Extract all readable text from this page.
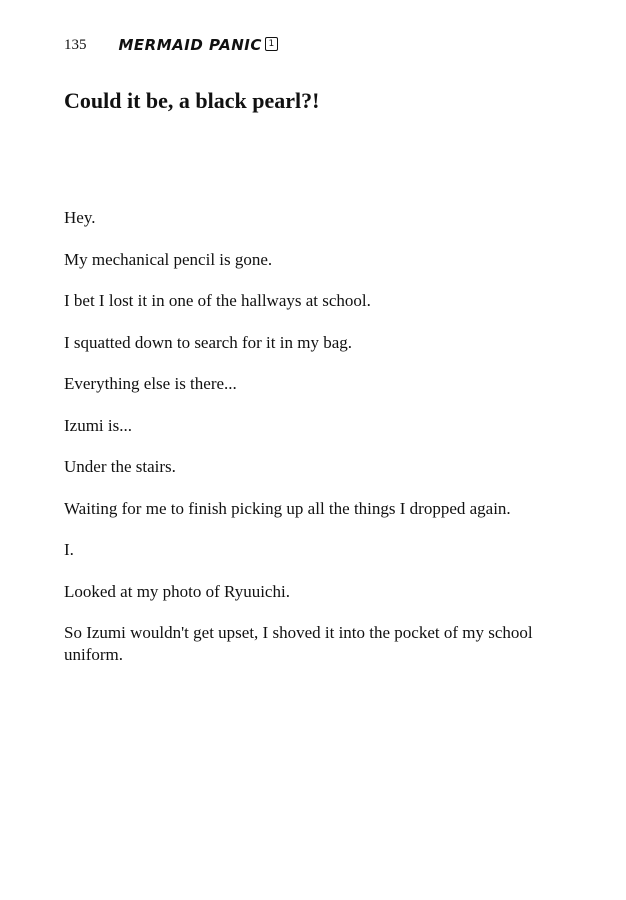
135 MERMAID PANIC 1
Could it be, a black pearl?!

Hey.

My mechanical pencil is gone.

I bet I lost it in one of the hallways at school.

I squatted down to search for it in my bag.

Everything else is there...

Izumi is...

Under the stairs.

Waiting for me to finish picking up all the things I dropped again.

I.

Looked at my photo of Ryuuichi.

So Izumi wouldn't get upset, I shoved it into the pocket of my school uniform.
